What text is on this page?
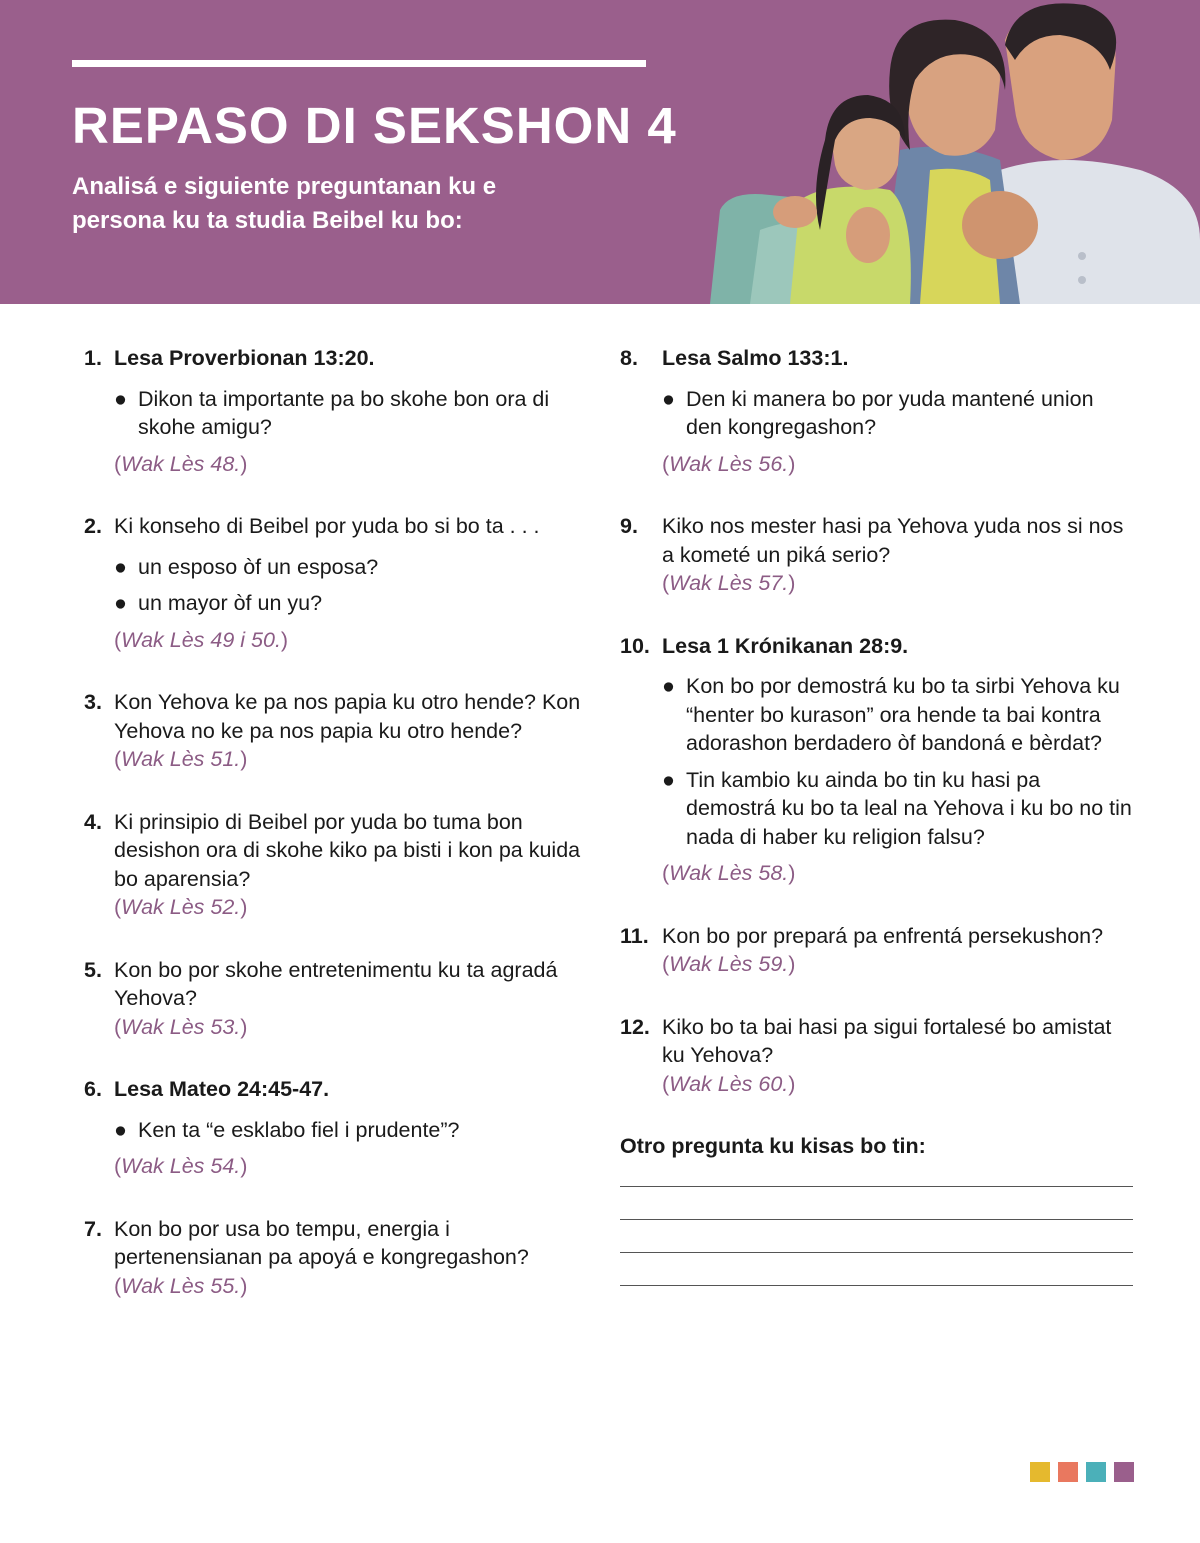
REPASO DI SEKSHON 4

Analisá e siguiente preguntanan ku e persona ku ta studia Beibel ku bo:

1. Lesa Proverbionan 13:20.
● Dikon ta importante pa bo skohe bon ora di skohe amigu?
(Wak Lès 48.)
2. Ki konseho di Beibel por yuda bo si bo ta . . .
● un esposo òf un esposa?
● un mayor òf un yu?
(Wak Lès 49 i 50.)
3. Kon Yehova ke pa nos papia ku otro hende? Kon Yehova no ke pa nos papia ku otro hende?
(Wak Lès 51.)
4. Ki prinsipio di Beibel por yuda bo tuma bon desishon ora di skohe kiko pa bisti i kon pa kuida bo aparensia?
(Wak Lès 52.)
5. Kon bo por skohe entretenimentu ku ta agradá Yehova?
(Wak Lès 53.)
6. Lesa Mateo 24:45-47.
● Ken ta “e esklabo fiel i prudente”?
(Wak Lès 54.)
7. Kon bo por usa bo tempu, energia i pertenensianan pa apoyá e kongregashon?
(Wak Lès 55.)
8. Lesa Salmo 133:1.
● Den ki manera bo por yuda mantené union den kongregashon?
(Wak Lès 56.)
9. Kiko nos mester hasi pa Yehova yuda nos si nos a kometé un piká serio?
(Wak Lès 57.)
10. Lesa 1 Krónikanan 28:9.
● Kon bo por demostrá ku bo ta sirbi Yehova ku “henter bo kurason” ora hende ta bai kontra adorashon berdadero òf bandoná e bèrdat?
● Tin kambio ku ainda bo tin ku hasi pa demostrá ku bo ta leal na Yehova i ku bo no tin nada di haber ku religion falsu?
(Wak Lès 58.)
11. Kon bo por prepará pa enfrentá persekushon?
(Wak Lès 59.)
12. Kiko bo ta bai hasi pa sigui fortalesé bo amistat ku Yehova?
(Wak Lès 60.)

Otro pregunta ku kisas bo tin:
